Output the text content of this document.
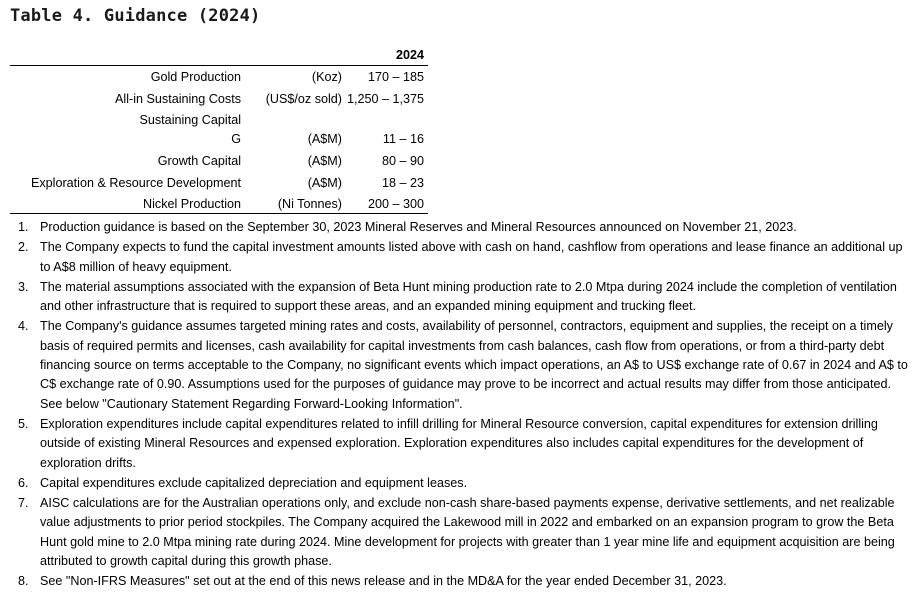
Table 4. Guidance (2024)
2024
Gold Production	(Koz) 170 – 185
All-in Sustaining Costs (US$/oz sold) 1,250 – 1,375
Sustaining Capital
G	(A$M)	11 – 16
Growth Capital	(A$M)	80 – 90
Exploration & Resource Development	(A$M)	18 – 23
Nickel Production	(Ni Tonnes) 200 – 300
1. Production guidance is based on the September 30, 2023 Mineral Reserves and Mineral Resources announced on November 21, 2023.
2. The Company expects to fund the capital investment amounts listed above with cash on hand, cashflow from operations and lease finance an additional up to A$8 million of heavy equipment.
3. The material assumptions associated with the expansion of Beta Hunt mining production rate to 2.0 Mtpa during 2024 include the completion of ventilation and other infrastructure that is required to support these areas, and an expanded mining equipment and trucking fleet.
4. The Company's guidance assumes targeted mining rates and costs, availability of personnel, contractors, equipment and supplies, the receipt on a timely basis of required permits and licenses, cash availability for capital investments from cash balances, cash flow from operations, or from a third-party debt financing source on terms acceptable to the Company, no significant events which impact operations, an A$ to US$ exchange rate of 0.67 in 2024 and A$ to C$ exchange rate of 0.90. Assumptions used for the purposes of guidance may prove to be incorrect and actual results may differ from those anticipated. See below "Cautionary Statement Regarding Forward-Looking Information".
5. Exploration expenditures include capital expenditures related to infill drilling for Mineral Resource conversion, capital expenditures for extension drilling outside of existing Mineral Resources and expensed exploration. Exploration expenditures also includes capital expenditures for the development of exploration drifts.
6. Capital expenditures exclude capitalized depreciation and equipment leases.
7. AISC calculations are for the Australian operations only, and exclude non-cash share-based payments expense, derivative settlements, and net realizable value adjustments to prior period stockpiles. The Company acquired the Lakewood mill in 2022 and embarked on an expansion program to grow the Beta Hunt gold mine to 2.0 Mtpa mining rate during 2024. Mine development for projects with greater than 1 year mine life and equipment acquisition are being attributed to growth capital during this growth phase.
8. See "Non-IFRS Measures" set out at the end of this news release and in the MD&A for the year ended December 31, 2023.
